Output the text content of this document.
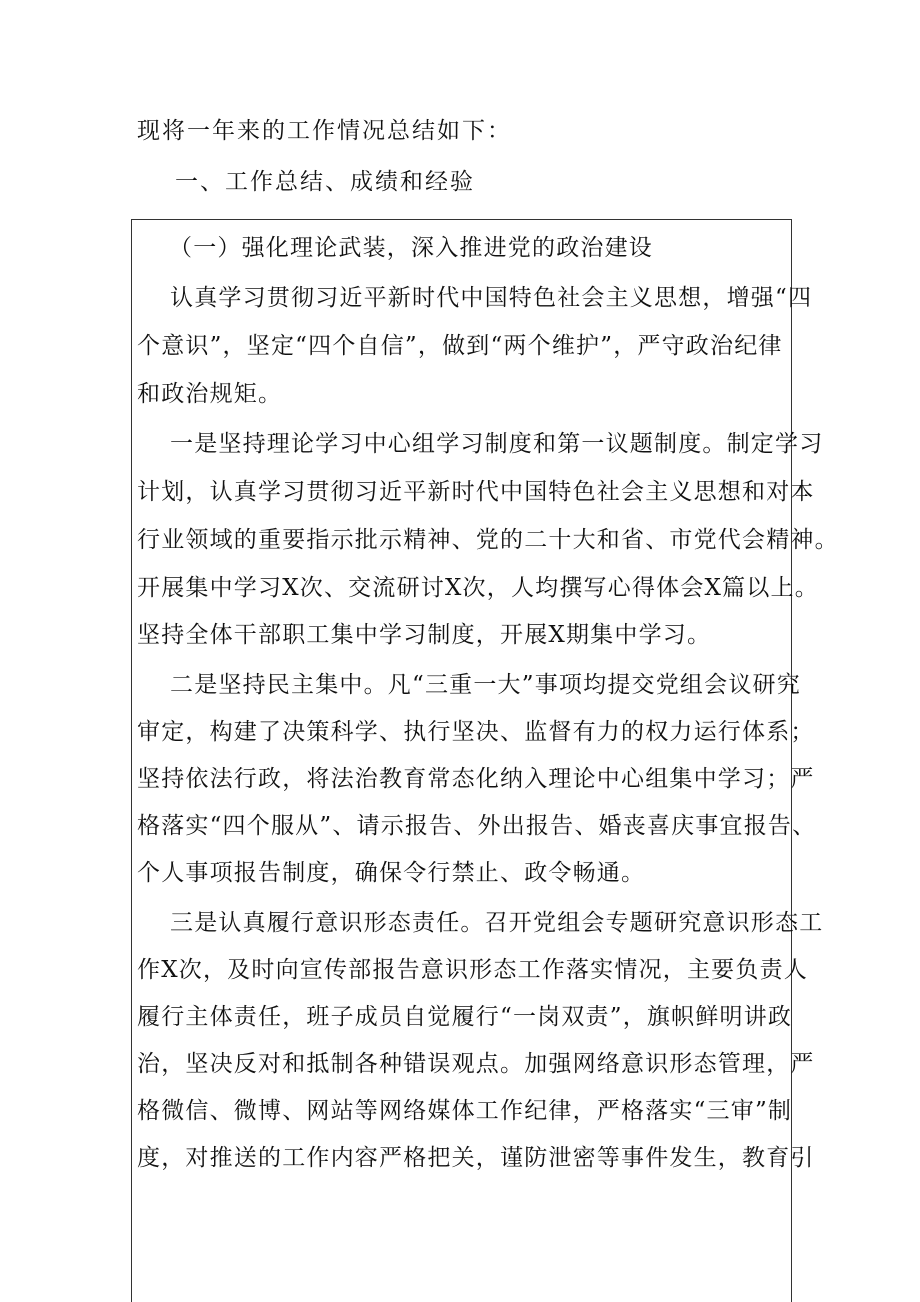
现将一年来的工作情况总结如下：
一、工作总结、成绩和经验
（一）强化理论武装，深入推进党的政治建设
认真学习贯彻习近平新时代中国特色社会主义思想，增强“四
个意识”，坚定“四个自信”，做到“两个维护”，严守政治纪律
和政治规矩。
一是坚持理论学习中心组学习制度和第一议题制度。制定学习
计划，认真学习贯彻习近平新时代中国特色社会主义思想和对本
行业领域的重要指示批示精神、党的二十大和省、市党代会精神。
开展集中学习X次、交流研讨X次，人均撰写心得体会X篇以上。
坚持全体干部职工集中学习制度，开展X期集中学习。
二是坚持民主集中。凡“三重一大”事项均提交党组会议研究
审定，构建了决策科学、执行坚决、监督有力的权力运行体系；
坚持依法行政，将法治教育常态化纳入理论中心组集中学习；严
格落实“四个服从”、请示报告、外出报告、婚丧喜庆事宜报告、
个人事项报告制度，确保令行禁止、政令畅通。
三是认真履行意识形态责任。召开党组会专题研究意识形态工
作X次，及时向宣传部报告意识形态工作落实情况，主要负责人
履行主体责任，班子成员自觉履行“一岗双责”，旗帜鲜明讲政
治，坚决反对和抵制各种错误观点。加强网络意识形态管理，严
格微信、微博、网站等网络媒体工作纪律，严格落实“三审”制
度，对推送的工作内容严格把关，谨防泄密等事件发生，教育引
